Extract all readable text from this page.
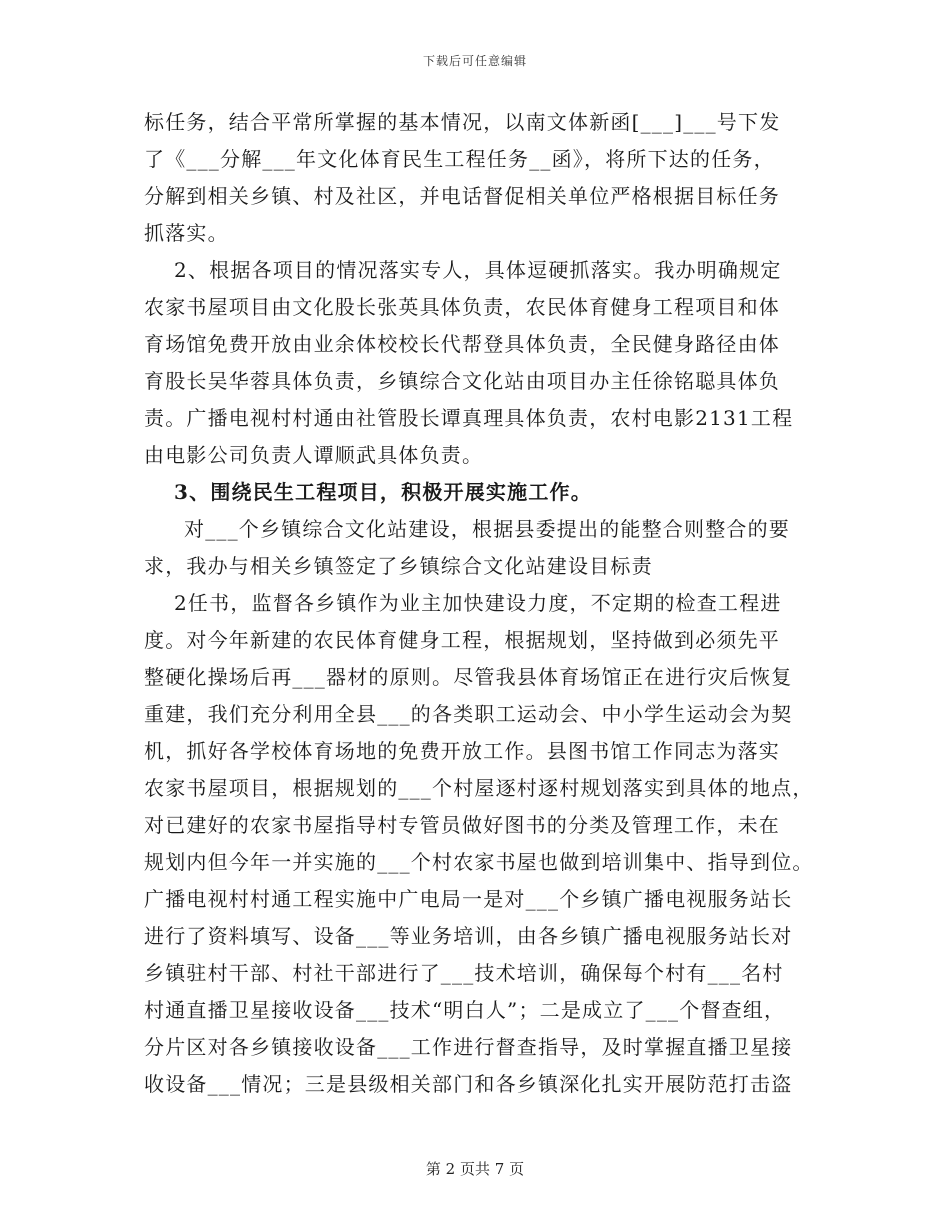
下载后可任意编辑
标任务，结合平常所掌握的基本情况，以南文体新函[___]___号下发
了《___分解___年文化体育民生工程任务__函》，将所下达的任务，
分解到相关乡镇、村及社区，并电话督促相关单位严格根据目标任务
抓落实。
2、根据各项目的情况落实专人，具体逗硬抓落实。我办明确规定
农家书屋项目由文化股长张英具体负责，农民体育健身工程项目和体
育场馆免费开放由业余体校校长代帮登具体负责，全民健身路径由体
育股长吴华蓉具体负责，乡镇综合文化站由项目办主任徐铭聪具体负
责。广播电视村村通由社管股长谭真理具体负责，农村电影2131工程
由电影公司负责人谭顺武具体负责。
3、围绕民生工程项目，积极开展实施工作。
对___个乡镇综合文化站建设，根据县委提出的能整合则整合的要
求，我办与相关乡镇签定了乡镇综合文化站建设目标责
2任书，监督各乡镇作为业主加快建设力度，不定期的检查工程进
度。对今年新建的农民体育健身工程，根据规划，坚持做到必须先平
整硬化操场后再___器材的原则。尽管我县体育场馆正在进行灾后恢复
重建，我们充分利用全县___的各类职工运动会、中小学生运动会为契
机，抓好各学校体育场地的免费开放工作。县图书馆工作同志为落实
农家书屋项目，根据规划的___个村屋逐村逐村规划落实到具体的地点，
对已建好的农家书屋指导村专管员做好图书的分类及管理工作，未在
规划内但今年一并实施的___个村农家书屋也做到培训集中、指导到位。
广播电视村村通工程实施中广电局一是对___个乡镇广播电视服务站长
进行了资料填写、设备___等业务培训，由各乡镇广播电视服务站长对
乡镇驻村干部、村社干部进行了___技术培训，确保每个村有___名村
村通直播卫星接收设备___技术“明白人”；二是成立了___个督查组，
分片区对各乡镇接收设备___工作进行督查指导，及时掌握直播卫星接
收设备___情况；三是县级相关部门和各乡镇深化扎实开展防范打击盗
第 2 页共 7 页
